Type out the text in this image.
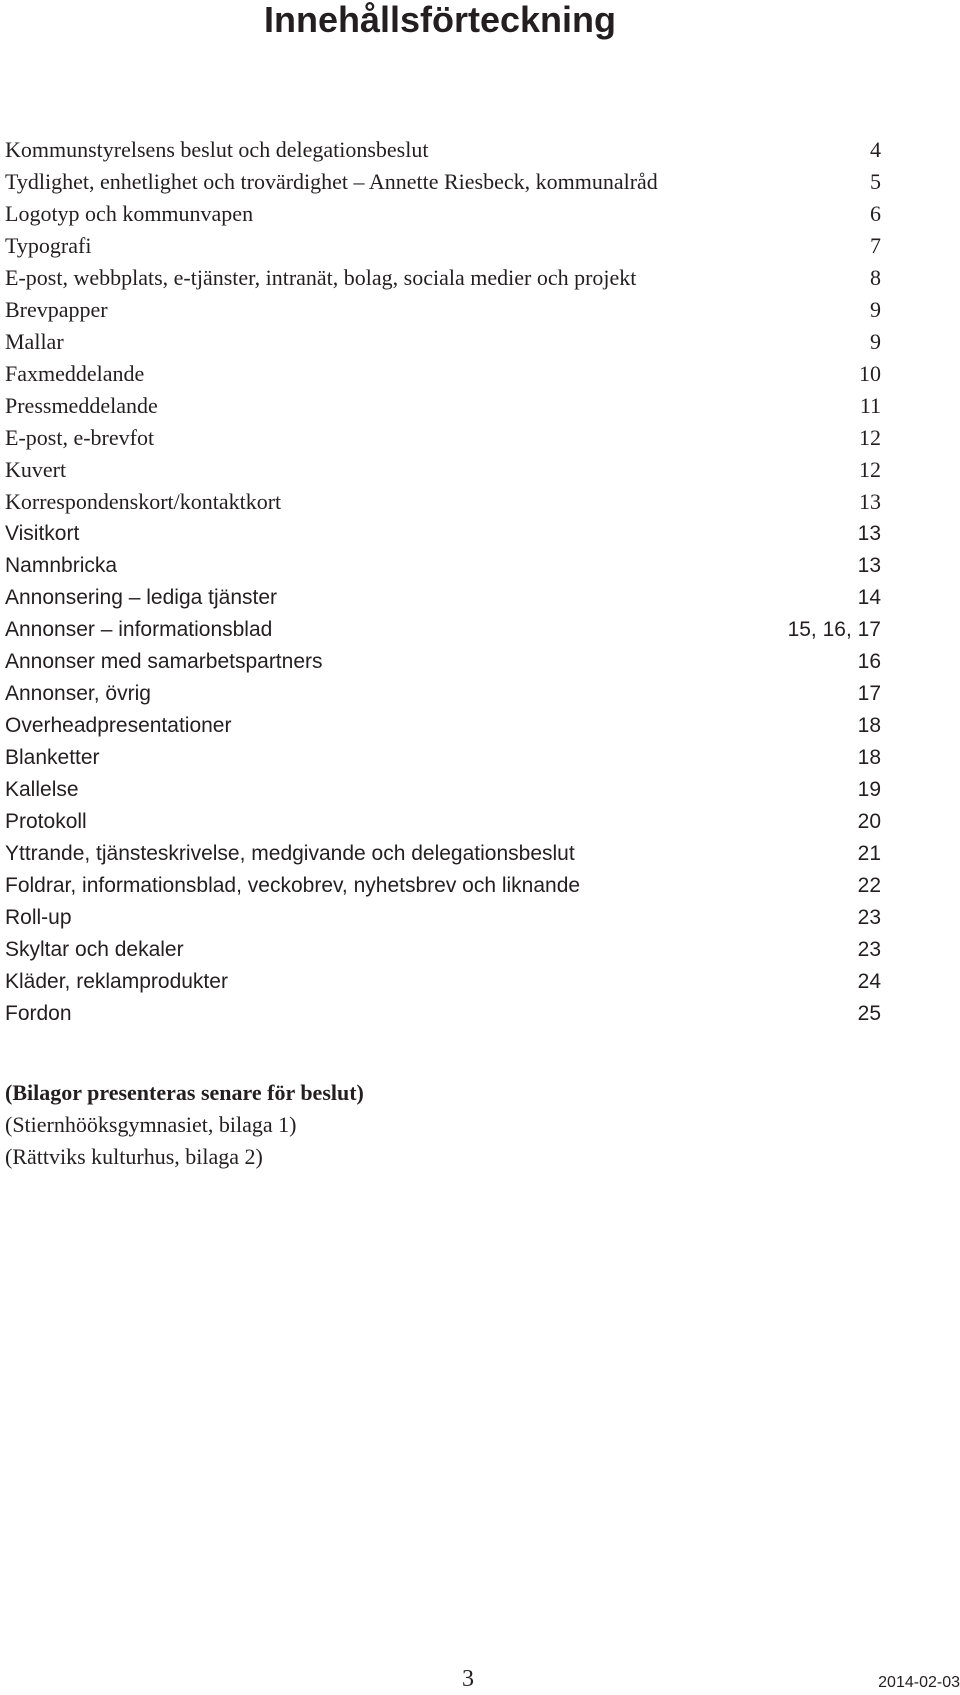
Innehållsförteckning
Kommunstyrelsens beslut och delegationsbeslut	4
Tydlighet, enhetlighet och trovärdighet – Annette Riesbeck, kommunalråd	5
Logotyp och kommunvapen	6
Typografi	7
E-post, webbplats, e-tjänster, intranät, bolag, sociala medier och projekt	8
Brevpapper	9
Mallar	9
Faxmeddelande	10
Pressmeddelande	11
E-post, e-brevfot	12
Kuvert	12
Korrespondenskort/kontaktkort	13
Visitkort	13
Namnbricka	13
Annonsering – lediga tjänster	14
Annonser – informationsblad	15, 16, 17
Annonser med samarbetspartners	16
Annonser, övrig	17
Overheadpresentationer	18
Blanketter	18
Kallelse	19
Protokoll	20
Yttrande, tjänsteskrivelse, medgivande och delegationsbeslut	21
Foldrar, informationsblad, veckobrev, nyhetsbrev och liknande	22
Roll-up	23
Skyltar och dekaler	23
Kläder, reklamprodukter	24
Fordon	25
(Bilagor presenteras senare för beslut)
(Stiernhööksgymnasiet, bilaga 1)
(Rättviks kulturhus, bilaga 2)
3	2014-02-03
